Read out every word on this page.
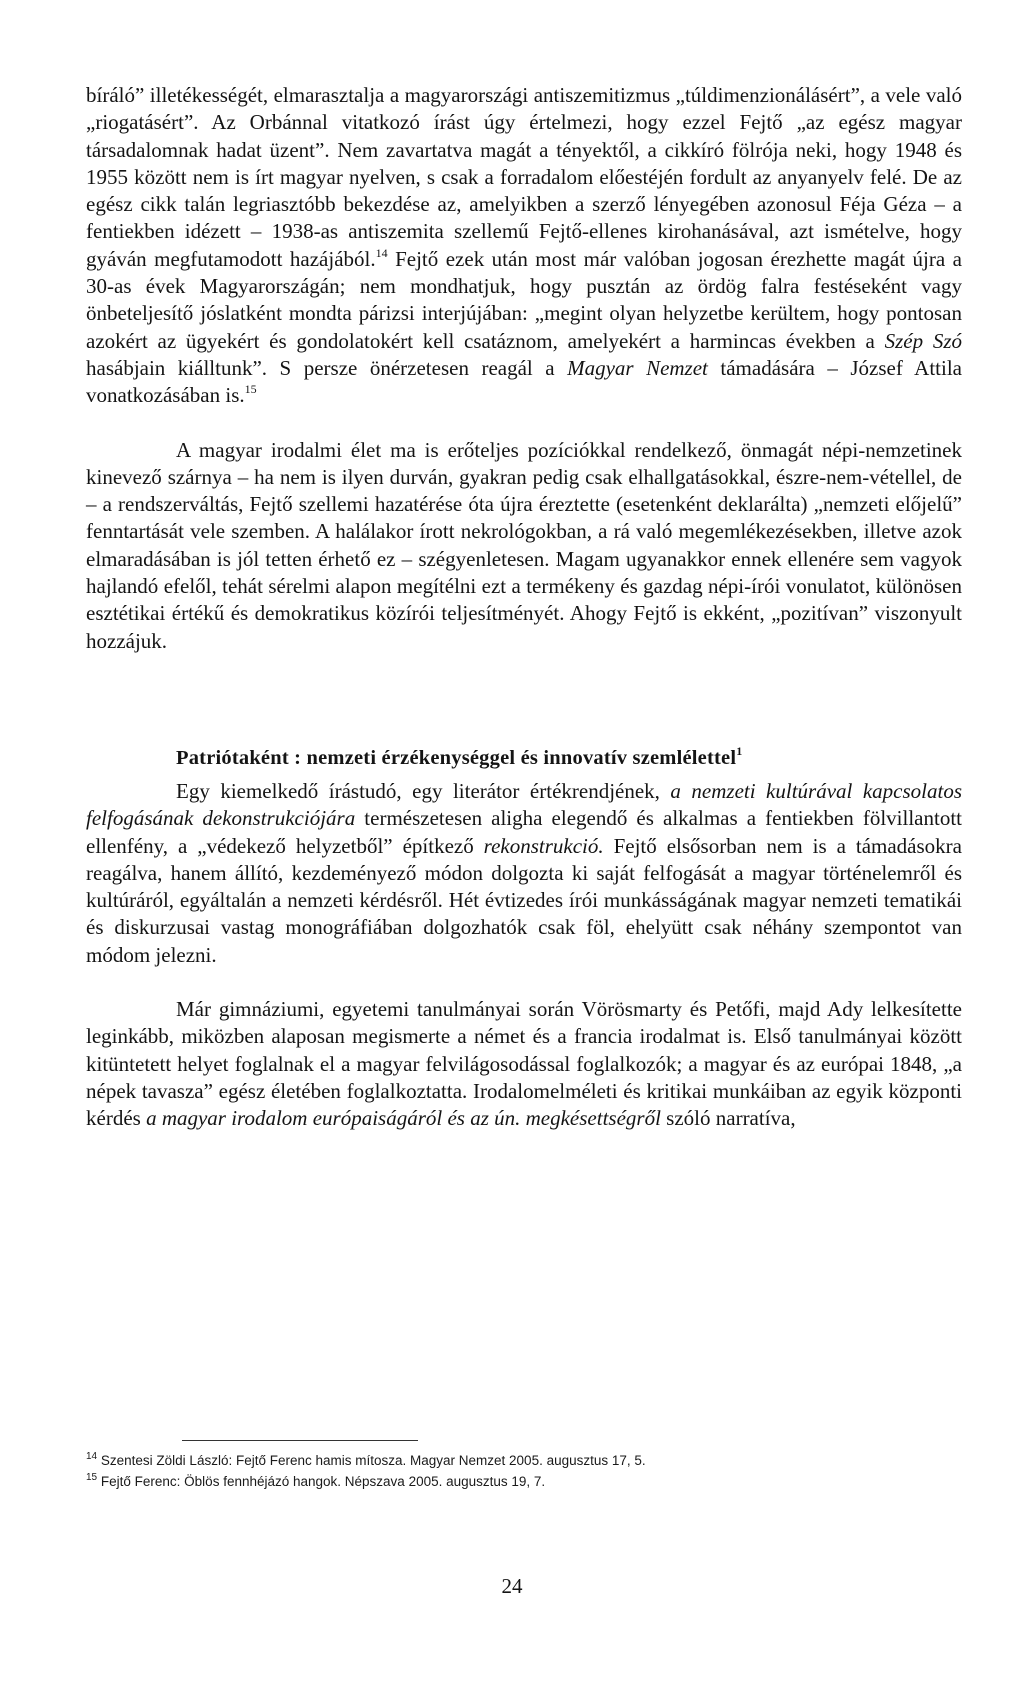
bíráló” illetékességét, elmarasztalja a magyarországi antiszemitizmus „túldimenzionálásért”, a vele való „riogatásért”. Az Orbánnal vitatkozó írást úgy értelmezi, hogy ezzel Fejtő „az egész magyar társadalomnak hadat üzent”. Nem zavartatva magát a tényektől, a cikkíró fölrója neki, hogy 1948 és 1955 között nem is írt magyar nyelven, s csak a forradalom előestéjén fordult az anyanyelv felé. De az egész cikk talán legriasztóbb bekezdése az, amelyikben a szerző lényegében azonosul Féja Géza – a fentiekben idézett – 1938-as antiszemita szellemű Fejtő-ellenes kirohanásával, azt ismételve, hogy gyáván megfutamodott hazájából.$^{14}$ Fejtő ezek után most már valóban jogosan érezhette magát újra a 30-as évek Magyarországán; nem mondhatjuk, hogy pusztán az ördög falra festéseként vagy önbeteljesítő jóslatként mondta párizsi interjújában: „megint olyan helyzetbe kerültem, hogy pontosan azokért az ügyekért és gondolatokért kell csatáznom, amelyekért a harmincas években a Szép Szó hasábjain kiálltunk”. S persze önérzetesen reagál a Magyar Nemzet támadására – József Attila vonatkozásában is.$^{15}$

A magyar irodalmi élet ma is erőteljes pozíciókkal rendelkező, önmagát népi-nemzetinek kinevező szárnya – ha nem is ilyen durván, gyakran pedig csak elhallgatásokkal, észre-nem-vétellel, de – a rendszerváltás, Fejtő szellemi hazatérése óta újra éreztette (esetenként deklarálta) „nemzeti előjelű” fenntartását vele szemben. A halálakor írott nekrológokban, a rá való megemlékezésekben, illetve azok elmaradásában is jól tetten érhető ez – szégyenletesen. Magam ugyanakkor ennek ellenére sem vagyok hajlandó efelől, tehát sérelmi alapon megítélni ezt a termékeny és gazdag népi-írói vonulatot, különösen esztétikai értékű és demokratikus közírói teljesítményét. Ahogy Fejtő is ekként, „pozitívan” viszonyult hozzájuk.

Patriótaként : nemzeti érzékenységgel és innovatív szemlélettel$^1$

Egy kiemelkedő írástudó, egy literátor értékrendjének, a nemzeti kultúrával kapcsolatos felfogásának dekonstrukciójára természetesen aligha elegendő és alkalmas a fentiekben fölvillantott ellenfény, a „védekező helyzetből” építkező rekonstrukció. Fejtő elsősorban nem is a támadásokra reagálva, hanem állító, kezdeményező módon dolgozta ki saját felfogását a magyar történelemről és kultúráról, egyáltalán a nemzeti kérdésről. Hét évtizedes írói munkásságának magyar nemzeti tematikái és diskurzusai vastag monográfiában dolgozhatók csak föl, ehelyütt csak néhány szempontot van módom jelezni.

Már gimnáziumi, egyetemi tanulmányai során Vörösmarty és Petőfi, majd Ady lelkesítette leginkább, miközben alaposan megismerte a német és a francia irodalmat is. Első tanulmányai között kitüntetett helyet foglalnak el a magyar felvilágosodással foglalkozók; a magyar és az európai 1848, „a népek tavasza” egész életében foglalkoztatta. Irodalomelméleti és kritikai munkáiban az egyik központi kérdés a magyar irodalom európaiságáról és az ún. megkésettségről szóló narratíva,

$^{14}$ Szentesi Zöldi László: Fejtő Ferenc hamis mítosza. Magyar Nemzet 2005. augusztus 17, 5.

$^{15}$ Fejtő Ferenc: Öblös fennhéjázó hangok. Népszava 2005. augusztus 19, 7.

24
